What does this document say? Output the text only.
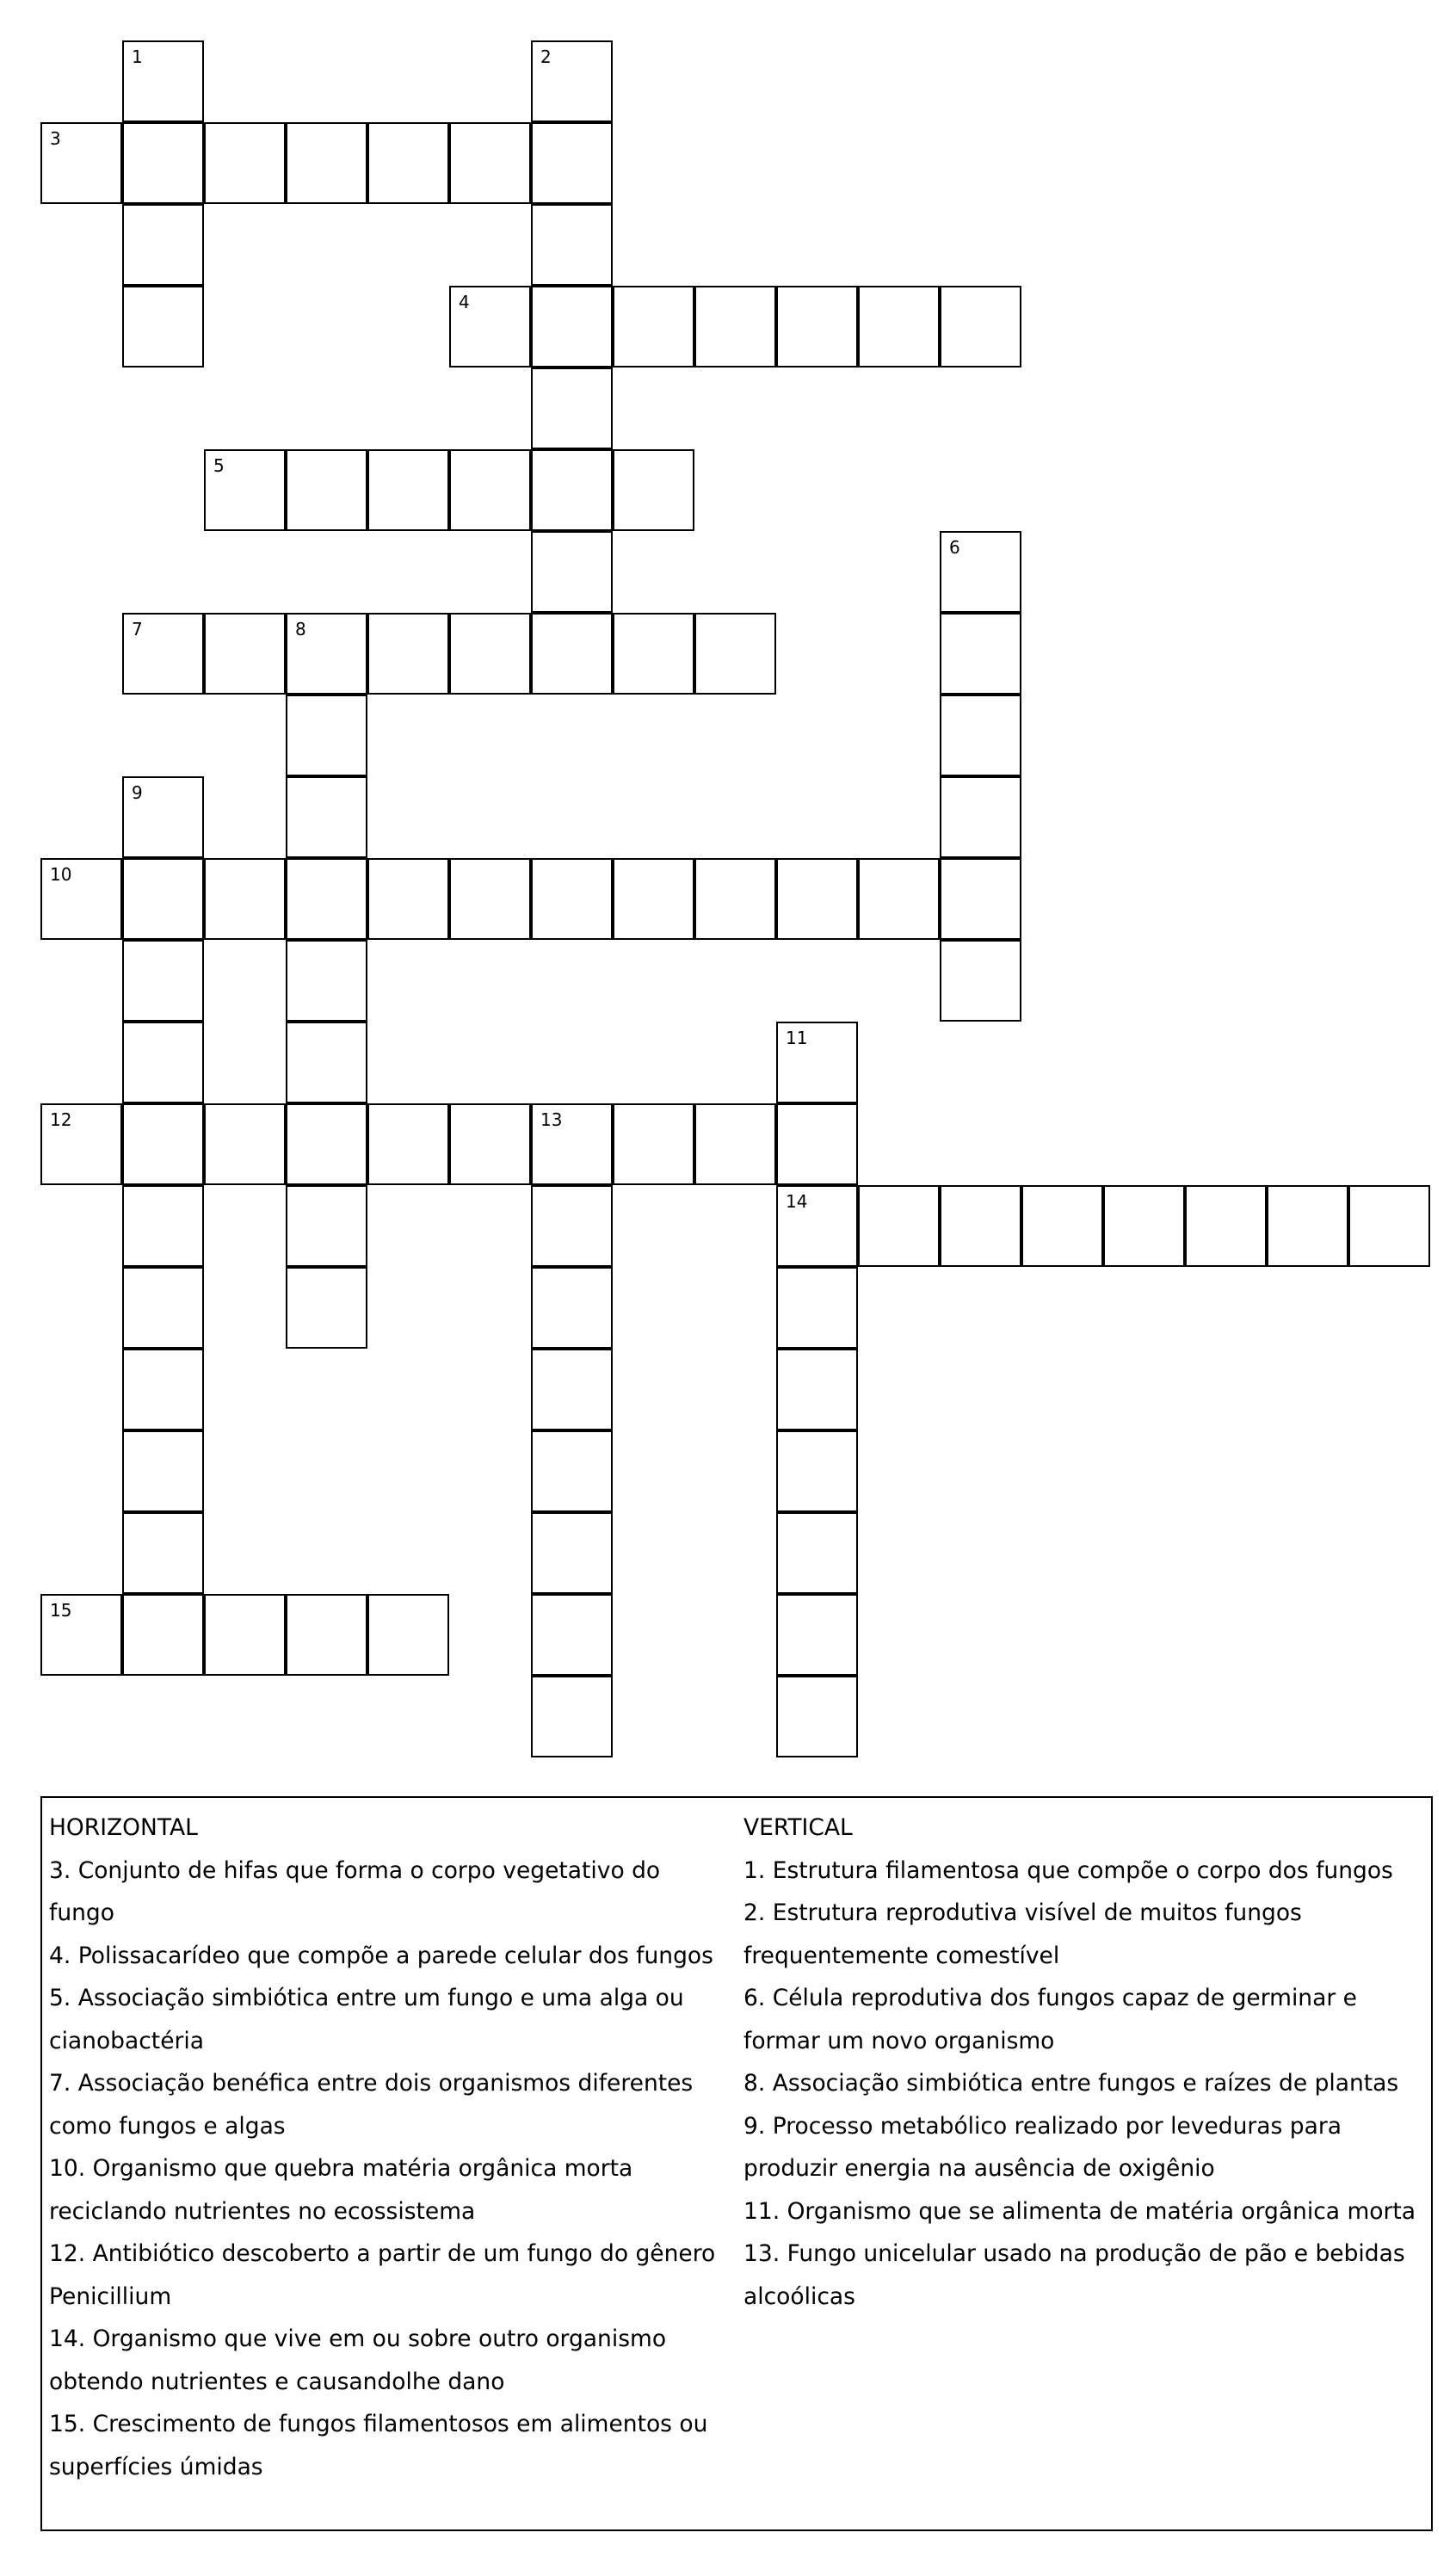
3
4
5
7	8
10
12	13
14
15
1	2
6
9
11
HORIZONTAL
3. Conjunto de hifas que forma o corpo vegetativo do
fungo
4. Polissacarídeo que compõe a parede celular dos fungos
5. Associação simbiótica entre um fungo e uma alga ou
cianobactéria
7. Associação benéfica entre dois organismos diferentes
como fungos e algas
10. Organismo que quebra matéria orgânica morta
reciclando nutrientes no ecossistema
12. Antibiótico descoberto a partir de um fungo do gênero
Penicillium
14. Organismo que vive em ou sobre outro organismo
obtendo nutrientes e causandolhe dano
15. Crescimento de fungos filamentosos em alimentos ou
superfícies úmidas
VERTICAL
1. Estrutura filamentosa que compõe o corpo dos fungos
2. Estrutura reprodutiva visível de muitos fungos
frequentemente comestível
6. Célula reprodutiva dos fungos capaz de germinar e
formar um novo organismo
8. Associação simbiótica entre fungos e raízes de plantas
9. Processo metabólico realizado por leveduras para
produzir energia na ausência de oxigênio
11. Organismo que se alimenta de matéria orgânica morta
13. Fungo unicelular usado na produção de pão e bebidas
alcoólicas
